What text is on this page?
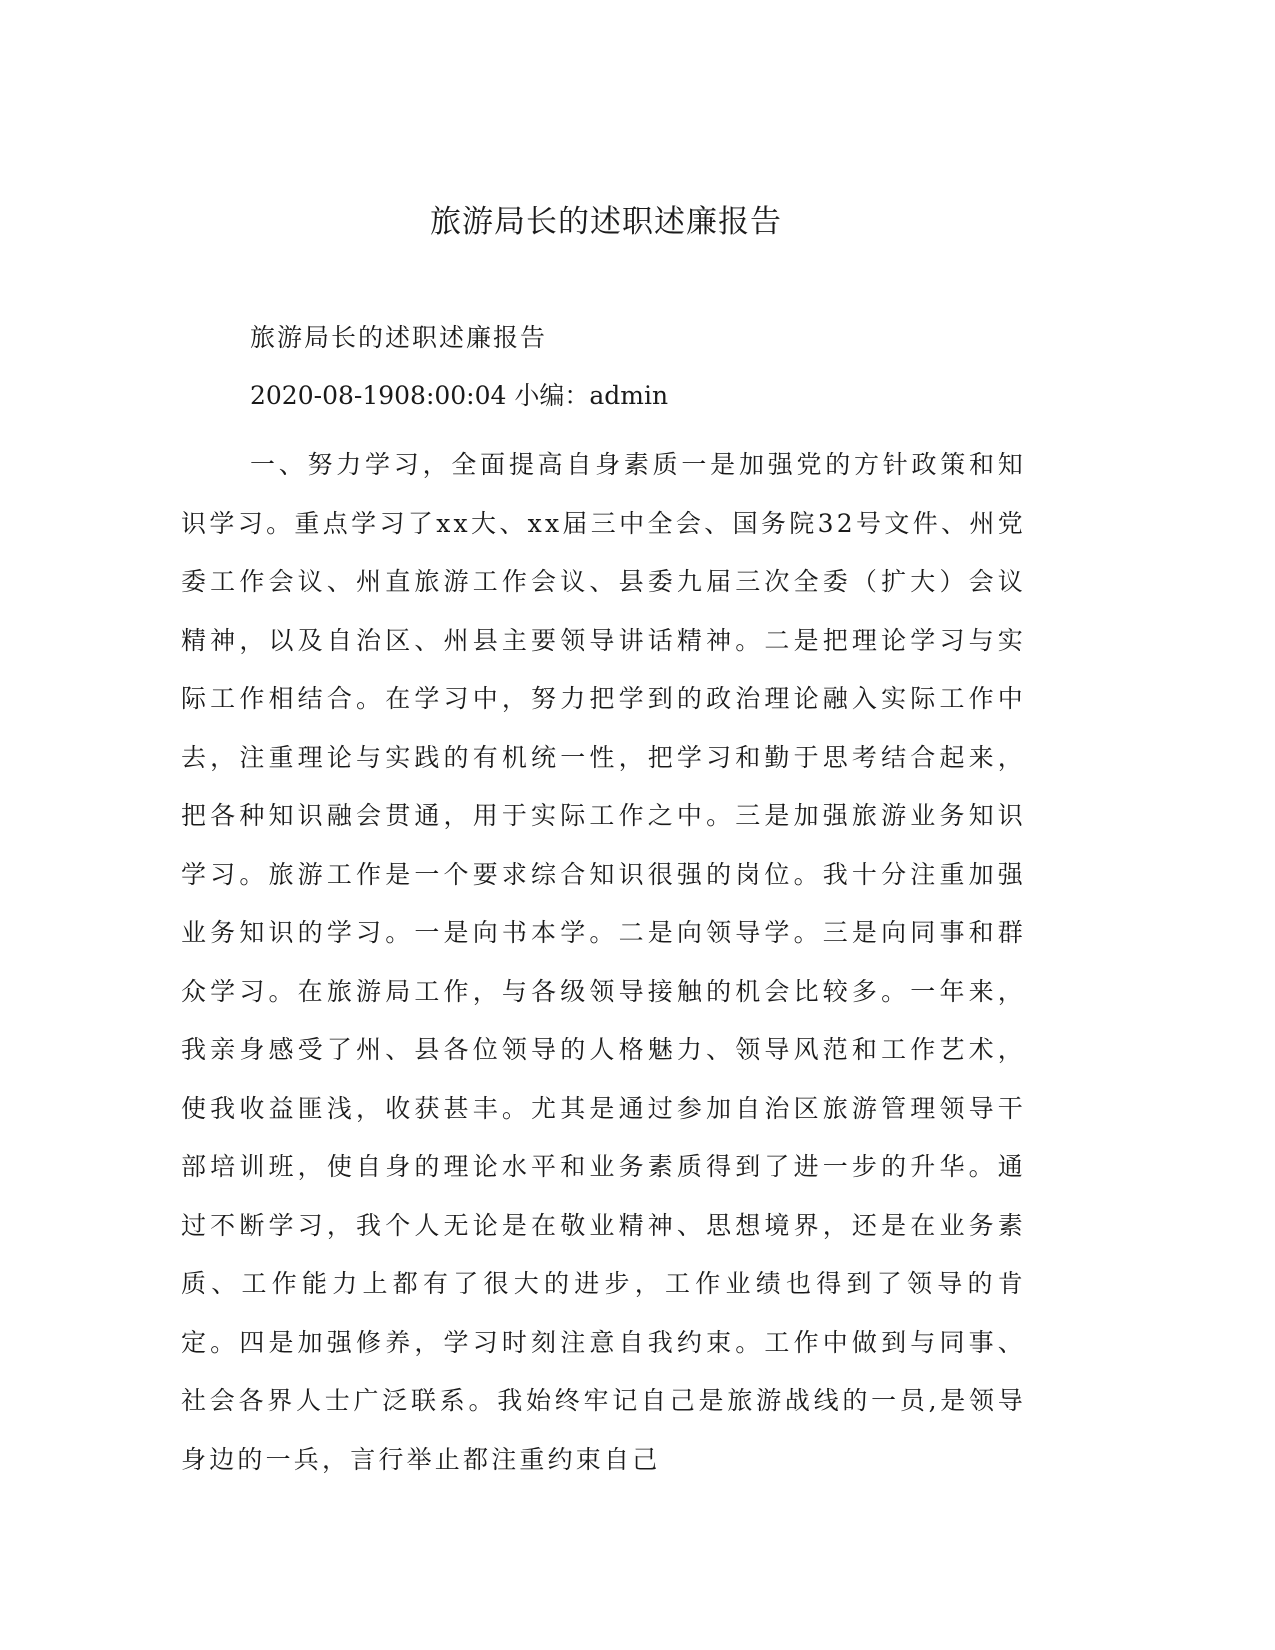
旅游局长的述职述廉报告

旅游局长的述职述廉报告

2020-08-1908:00:04 小编：admin

一、努力学习，全面提高自身素质一是加强党的方针政策和知识学习。重点学习了xx大、xx届三中全会、国务院32号文件、州党委工作会议、州直旅游工作会议、县委九届三次全委（扩大）会议精神，以及自治区、州县主要领导讲话精神。二是把理论学习与实际工作相结合。在学习中，努力把学到的政治理论融入实际工作中去，注重理论与实践的有机统一性，把学习和勤于思考结合起来，把各种知识融会贯通，用于实际工作之中。三是加强旅游业务知识学习。旅游工作是一个要求综合知识很强的岗位。我十分注重加强业务知识的学习。一是向书本学。二是向领导学。三是向同事和群众学习。在旅游局工作，与各级领导接触的机会比较多。一年来，我亲身感受了州、县各位领导的人格魅力、领导风范和工作艺术，使我收益匪浅，收获甚丰。尤其是通过参加自治区旅游管理领导干部培训班，使自身的理论水平和业务素质得到了进一步的升华。通过不断学习，我个人无论是在敬业精神、思想境界，还是在业务素质、工作能力上都有了很大的进步，工作业绩也得到了领导的肯定。四是加强修养，学习时刻注意自我约束。工作中做到与同事、社会各界人士广泛联系。我始终牢记自己是旅游战线的一员,是领导身边的一兵，言行举止都注重约束自己
